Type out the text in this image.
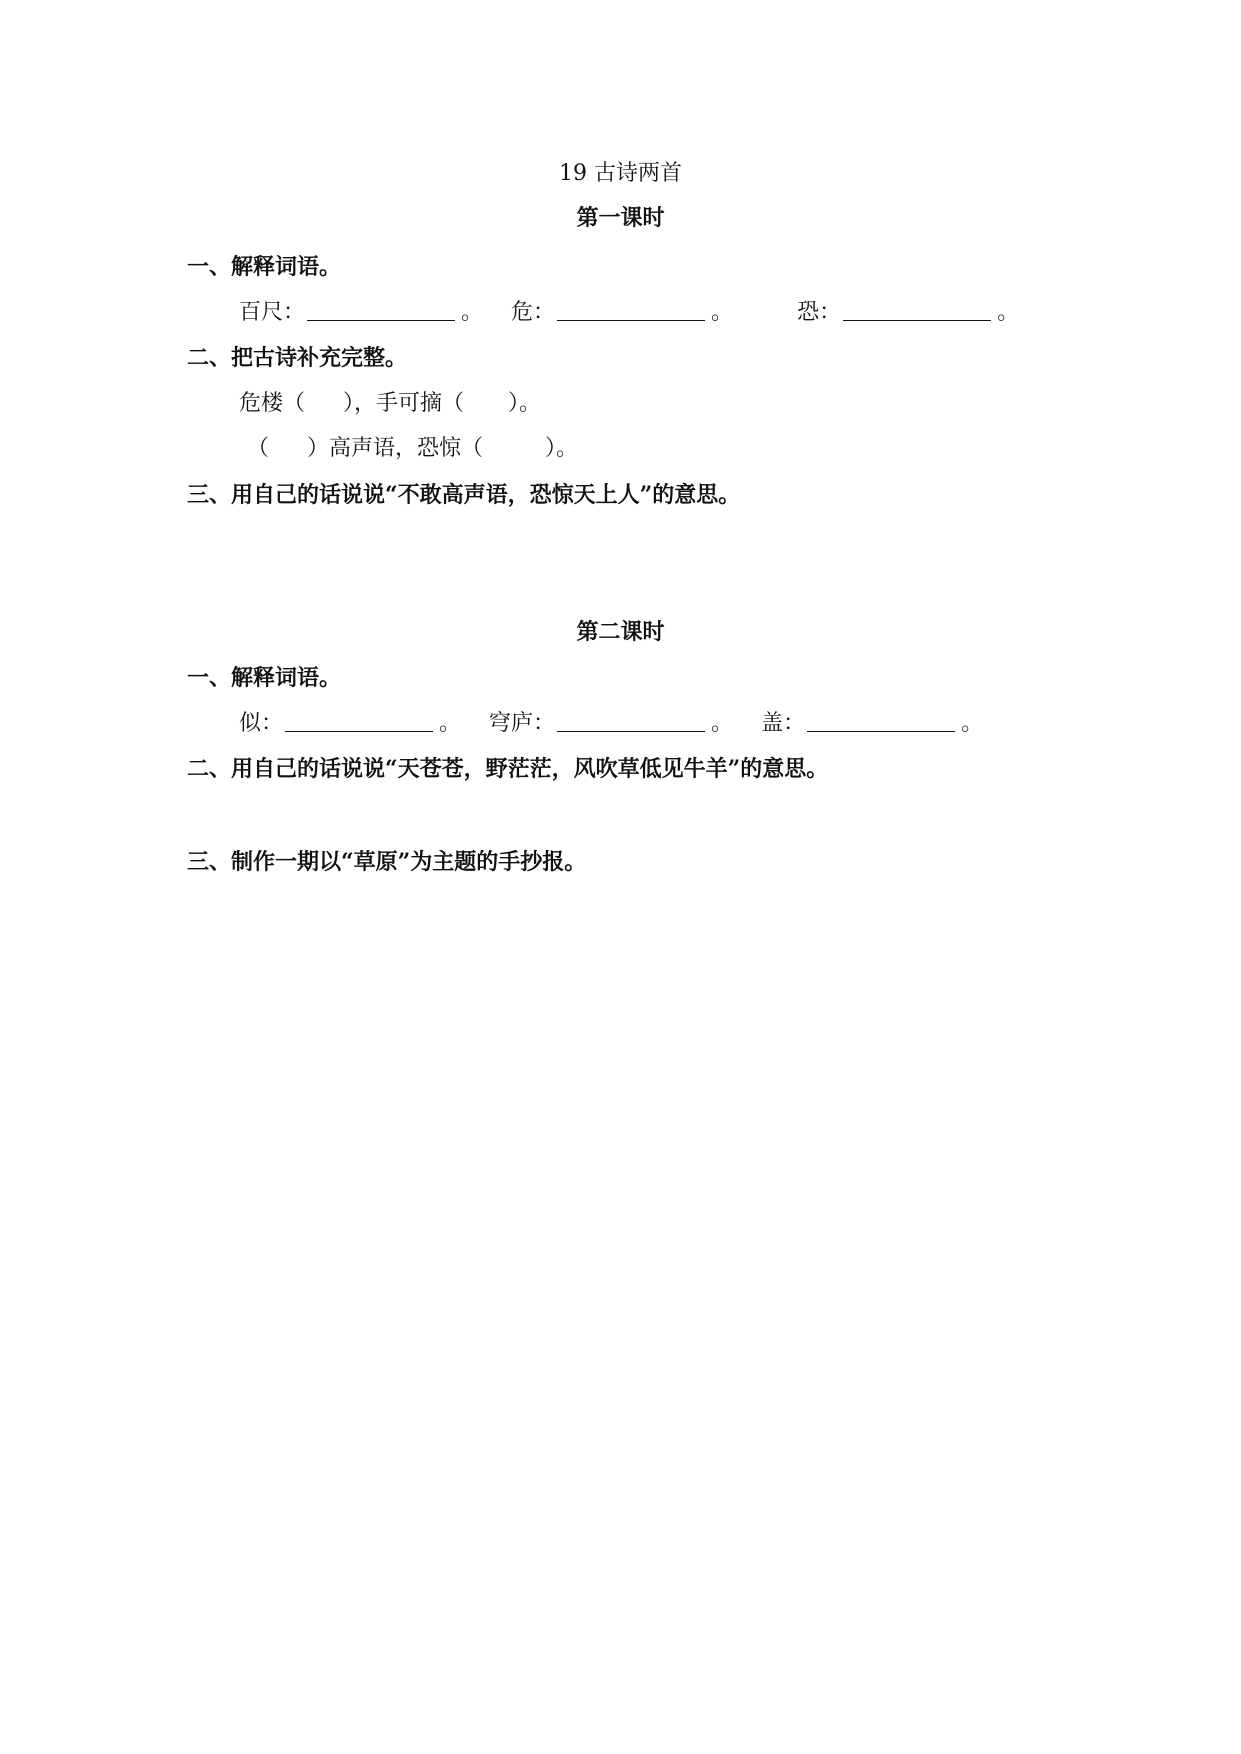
19 古诗两首
第一课时
一、解释词语。
百尺：	。 危：	。	恐：	。
二、把古诗补充完整。
危楼（ ），手可摘（ ）。
（ ）高声语，恐惊（	）。
三、用自己的话说说“不敢高声语，恐惊天上人”的意思。
第二课时
一、解释词语。
似：	。 穹庐：	。 盖：	。
二、用自己的话说说“天苍苍，野茫茫，风吹草低见牛羊”的意思。
三、制作一期以“草原”为主题的手抄报。
